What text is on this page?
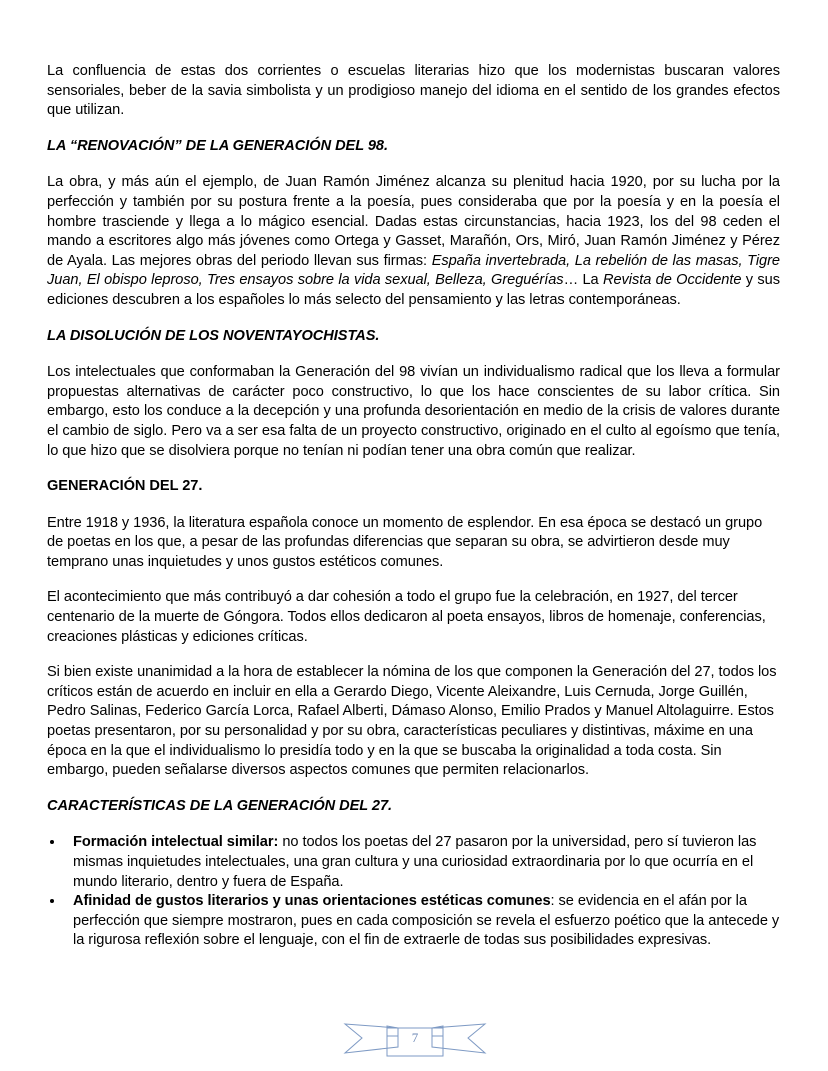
La confluencia de estas dos corrientes o escuelas literarias hizo que los modernistas buscaran valores sensoriales, beber de la savia simbolista y un prodigioso manejo del idioma en el sentido de los grandes efectos que utilizan.

LA “RENOVACIÓN” DE LA GENERACIÓN DEL 98.

La obra, y más aún el ejemplo, de Juan Ramón Jiménez alcanza su plenitud hacia 1920, por su lucha por la perfección y también por su postura frente a la poesía, pues consideraba que por la poesía y en la poesía el hombre trasciende y llega a lo mágico esencial. Dadas estas circunstancias, hacia 1923, los del 98 ceden el mando a escritores algo más jóvenes como Ortega y Gasset, Marañón, Ors, Miró, Juan Ramón Jiménez y Pérez de Ayala. Las mejores obras del periodo llevan sus firmas: España invertebrada, La rebelión de las masas, Tigre Juan, El obispo leproso, Tres ensayos sobre la vida sexual, Belleza, Greguérías… La Revista de Occidente y sus ediciones descubren a los españoles lo más selecto del pensamiento y las letras contemporáneas.

LA DISOLUCIÓN DE LOS NOVENTAYOCHISTAS.

Los intelectuales que conformaban la Generación del 98 vivían un individualismo radical que los lleva a formular propuestas alternativas de carácter poco constructivo, lo que los hace conscientes de su labor crítica. Sin embargo, esto los conduce a la decepción y una profunda desorientación en medio de la crisis de valores durante el cambio de siglo. Pero va a ser esa falta de un proyecto constructivo, originado en el culto al egoísmo que tenía, lo que hizo que se disolviera porque no tenían ni podían tener una obra común que realizar.

GENERACIÓN DEL 27.

Entre 1918 y 1936, la literatura española conoce un momento de esplendor. En esa época se destacó un grupo de poetas en los que, a pesar de las profundas diferencias que separan su obra, se advirtieron desde muy temprano unas inquietudes y unos gustos estéticos comunes.

El acontecimiento que más contribuyó a dar cohesión a todo el grupo fue la celebración, en 1927, del tercer centenario de la muerte de Góngora. Todos ellos dedicaron al poeta ensayos, libros de homenaje, conferencias, creaciones plásticas y ediciones críticas.

Si bien existe unanimidad a la hora de establecer la nómina de los que componen la Generación del 27, todos los críticos están de acuerdo en incluir en ella a Gerardo Diego, Vicente Aleixandre, Luis Cernuda, Jorge Guillén, Pedro Salinas, Federico García Lorca, Rafael Alberti, Dámaso Alonso, Emilio Prados y Manuel Altolaguirre. Estos poetas presentaron, por su personalidad y por su obra, características peculiares y distintivas, máxime en una época en la que el individualismo lo presidía todo y en la que se buscaba la originalidad a toda costa. Sin embargo, pueden señalarse diversos aspectos comunes que permiten relacionarlos.

CARACTERÍSTICAS DE LA GENERACIÓN DEL 27.
Formación intelectual similar: no todos los poetas del 27 pasaron por la universidad, pero sí tuvieron las mismas inquietudes intelectuales, una gran cultura y una curiosidad extraordinaria por lo que ocurría en el mundo literario, dentro y fuera de España.
Afinidad de gustos literarios y unas orientaciones estéticas comunes: se evidencia en el afán por la perfección que siempre mostraron, pues en cada composición se revela el esfuerzo poético que la antecede y la rigurosa reflexión sobre el lenguaje, con el fin de extraerle de todas sus posibilidades expresivas.
7
